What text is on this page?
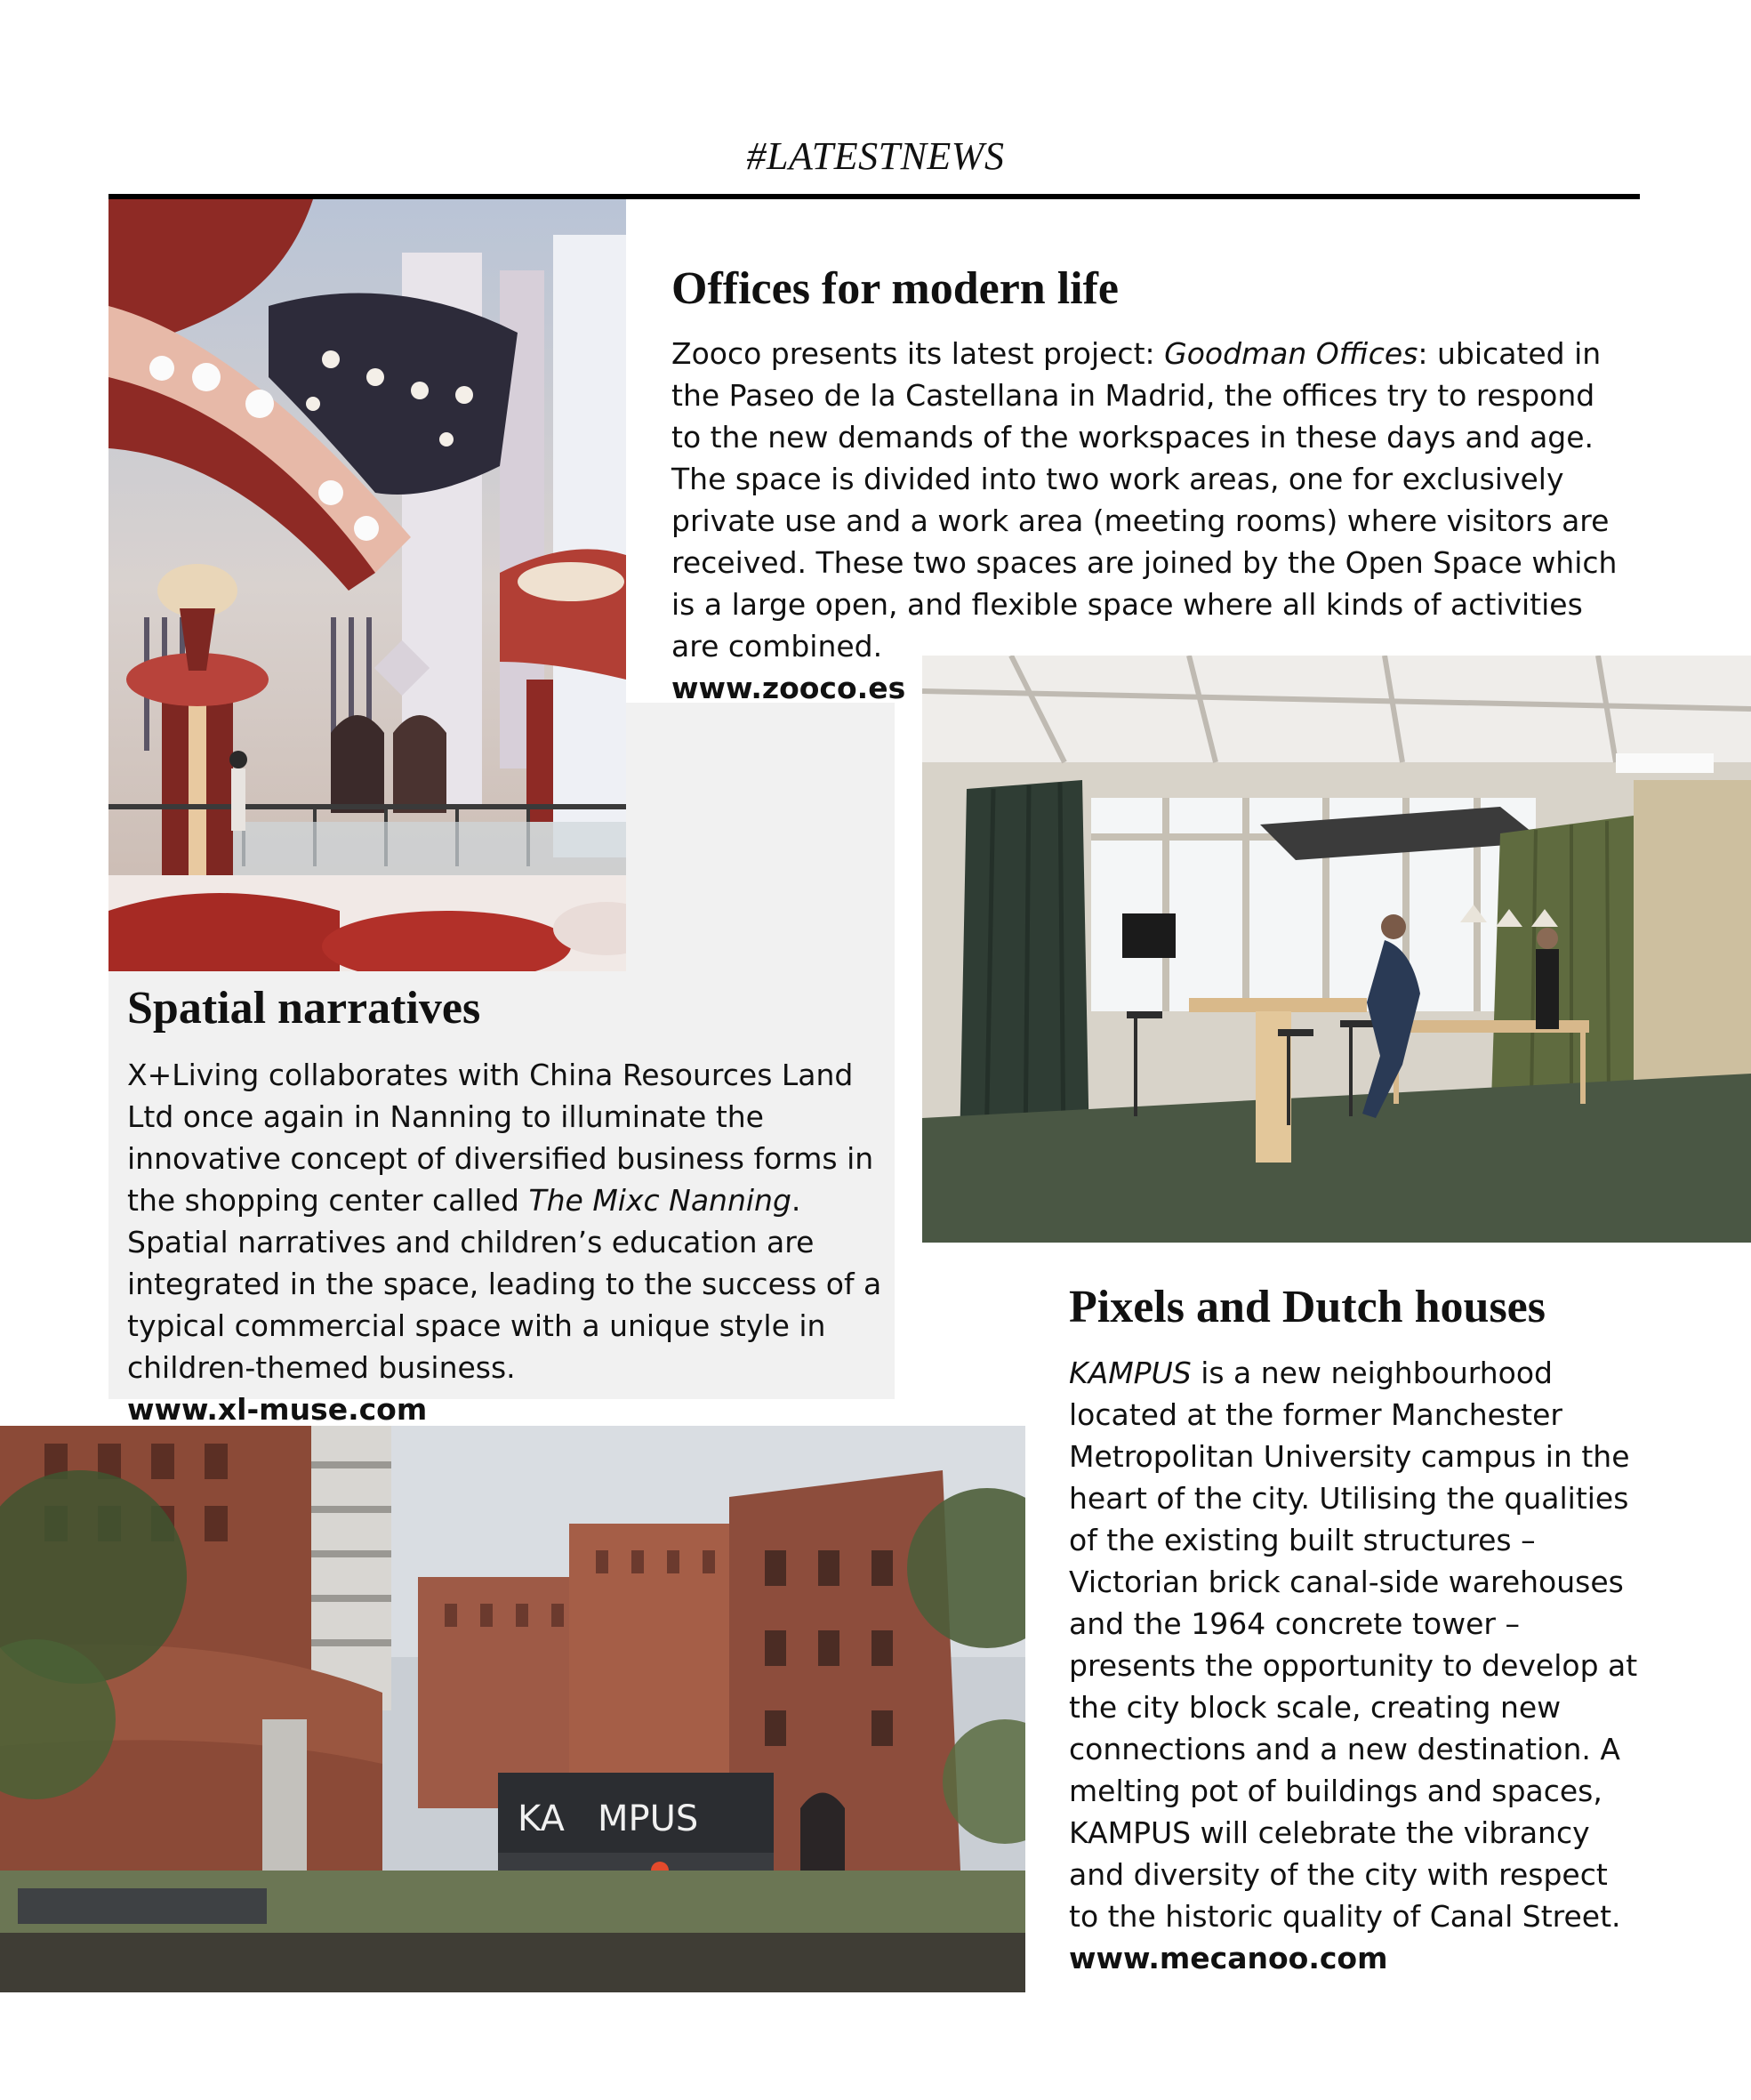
#LATESTNEWS
KA MPUS
Offices for modern life

Zooco presents its latest project: Goodman Offices: ubicated in the Paseo de la Castellana in Madrid, the offices try to respond to the new demands of the workspaces in these days and age. The space is divided into two work areas, one for exclusively private use and a work area (meeting rooms) where visitors are received. These two spaces are joined by the Open Space which is a large open, and flexible space where all kinds of activities are combined.

www.zooco.es
Spatial narratives

X+Living collaborates with China Resources Land Ltd once again in Nanning to illuminate the innovative concept of diversified business forms in the shopping center called The Mixc Nanning. Spatial narratives and children’s education are integrated in the space, leading to the success of a typical commercial space with a unique style in children-themed business.

www.xl-muse.com
Pixels and Dutch houses

KAMPUS is a new neighbourhood located at the former Manchester Metropolitan University campus in the heart of the city. Utilising the qualities of the existing built structures – Victorian brick canal-side warehouses and the 1964 concrete tower – presents the opportunity to develop at the city block scale, creating new connections and a new destination. A melting pot of buildings and spaces, KAMPUS will celebrate the vibrancy and diversity of the city with respect to the historic quality of Canal Street.

www.mecanoo.com
